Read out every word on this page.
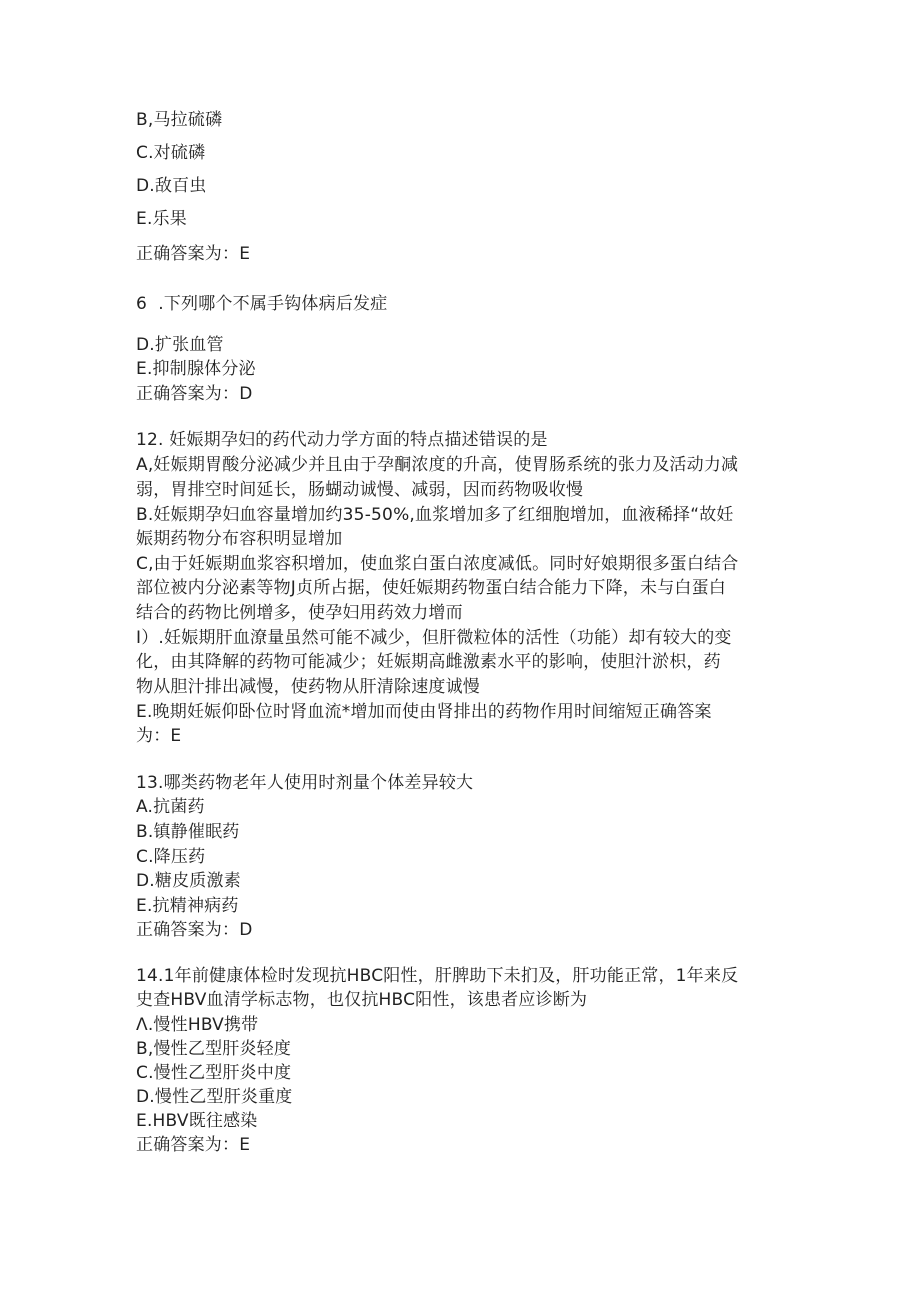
B,马拉硫磷
C.对硫磷
D.敌百虫
E.乐果
正确答案为：E
6  .下列哪个不属手钩体病后发症
D.扩张血管
E.抑制腺体分泌
正确答案为：D
12. 妊娠期孕妇的药代动力学方面的特点描述错误的是
A,妊娠期胃酸分泌减少并且由于孕酮浓度的升高，使胃肠系统的张力及活动力减
弱，胃排空时间延长，肠蝴动诚慢、减弱，因而药物吸收慢
B.妊娠期孕妇血容量增加约35-50%,血浆增加多了红细胞增加，血液稀择“故妊
娠期药物分布容积明显增加
C,由于妊娠期血浆容积增加，使血浆白蛋白浓度减低。同时好娘期很多蛋白结合
部位被内分泌素等物J贞所占据，使妊娠期药物蛋白结合能力下降，未与白蛋白
结合的药物比例增多，使孕妇用药效力增而
I）.妊娠期肝血潦量虽然可能不减少，但肝微粒体的活性（功能）却有较大的变
化，由其降解的药物可能减少；妊娠期高雌激素水平的影响，使胆汁淤枳，药
物从胆汁排出减慢，使药物从肝清除速度诚慢
E.晚期妊娠仰卧位时肾血流*增加而使由肾排出的药物作用时间缩短正确答案
为：E
13.哪类药物老年人使用时剂量个体差异较大
A.抗菌药
B.镇静催眠药
C.降压药
D.糖皮质激素
E.抗精神病药
正确答案为：D
14.1年前健康体检时发现抗HBC阳性，肝脾助下未扪及，肝功能正常，1年来反
史查HBV血清学标志物，也仅抗HBC阳性，该患者应诊断为
Λ.慢性HBV携带
B,慢性乙型肝炎轻度
C.慢性乙型肝炎中度
D.慢性乙型肝炎重度
E.HBV既往感染
正确答案为：E
